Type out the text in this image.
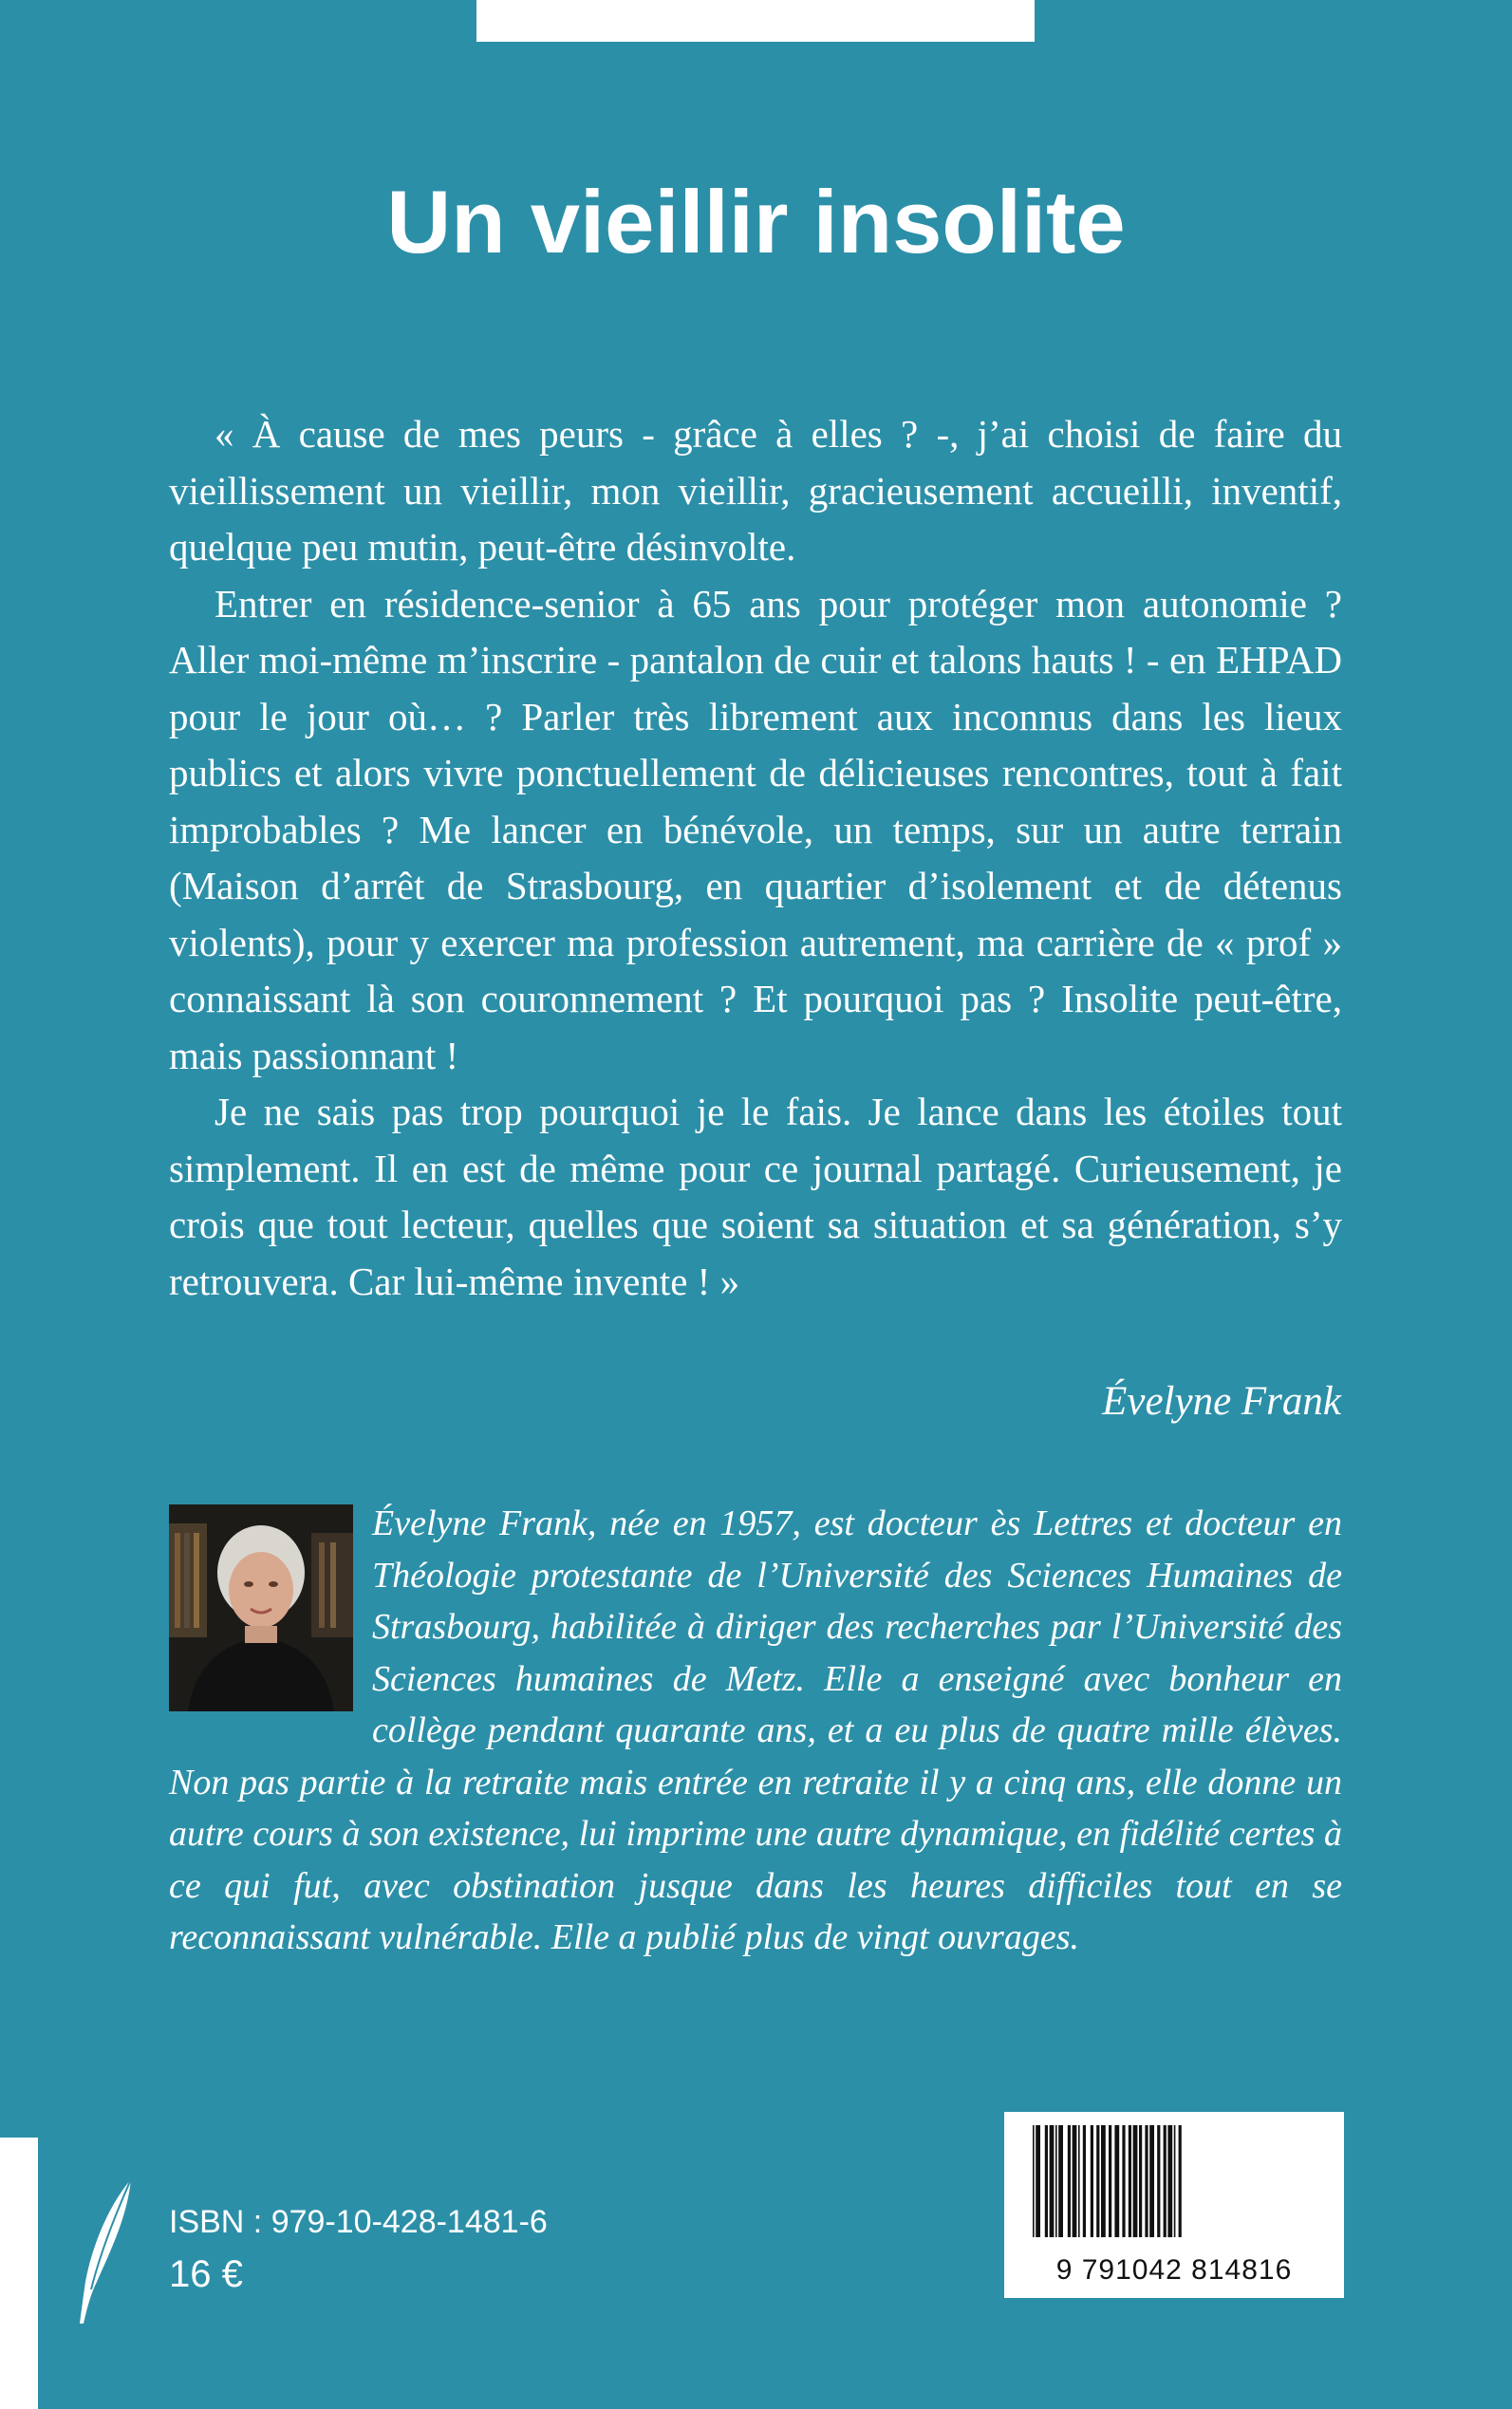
Un vieillir insolite

« À cause de mes peurs - grâce à elles ? -, j’ai choisi de faire du vieillissement un vieillir, mon vieillir, gracieusement accueilli, inventif, quelque peu mutin, peut-être désinvolte.

Entrer en résidence-senior à 65 ans pour protéger mon autonomie ? Aller moi-même m’inscrire - pantalon de cuir et talons hauts ! - en EHPAD pour le jour où… ? Parler très librement aux inconnus dans les lieux publics et alors vivre ponctuellement de délicieuses rencontres, tout à fait improbables ? Me lancer en bénévole, un temps, sur un autre terrain (Maison d’arrêt de Strasbourg, en quartier d’isolement et de détenus violents), pour y exercer ma profession autrement, ma carrière de « prof » connaissant là son couronnement ? Et pourquoi pas ? Insolite peut-être, mais passionnant !

Je ne sais pas trop pourquoi je le fais. Je lance dans les étoiles tout simplement. Il en est de même pour ce journal partagé. Curieusement, je crois que tout lecteur, quelles que soient sa situation et sa génération, s’y retrouvera. Car lui-même invente ! »

Évelyne Frank

Évelyne Frank, née en 1957, est docteur ès Lettres et docteur en Théologie protestante de l’Université des Sciences Humaines de Strasbourg, habilitée à diriger des recherches par l’Université des Sciences humaines de Metz. Elle a enseigné avec bonheur en collège pendant quarante ans, et a eu plus de quatre mille élèves. Non pas partie à la retraite mais entrée en retraite il y a cinq ans, elle donne un autre cours à son existence, lui imprime une autre dynamique, en fidélité certes à ce qui fut, avec obstination jusque dans les heures difficiles tout en se reconnaissant vulnérable. Elle a publié plus de vingt ouvrages.

ISBN : 979-10-428-1481-6
16 €	9 791042 814816
